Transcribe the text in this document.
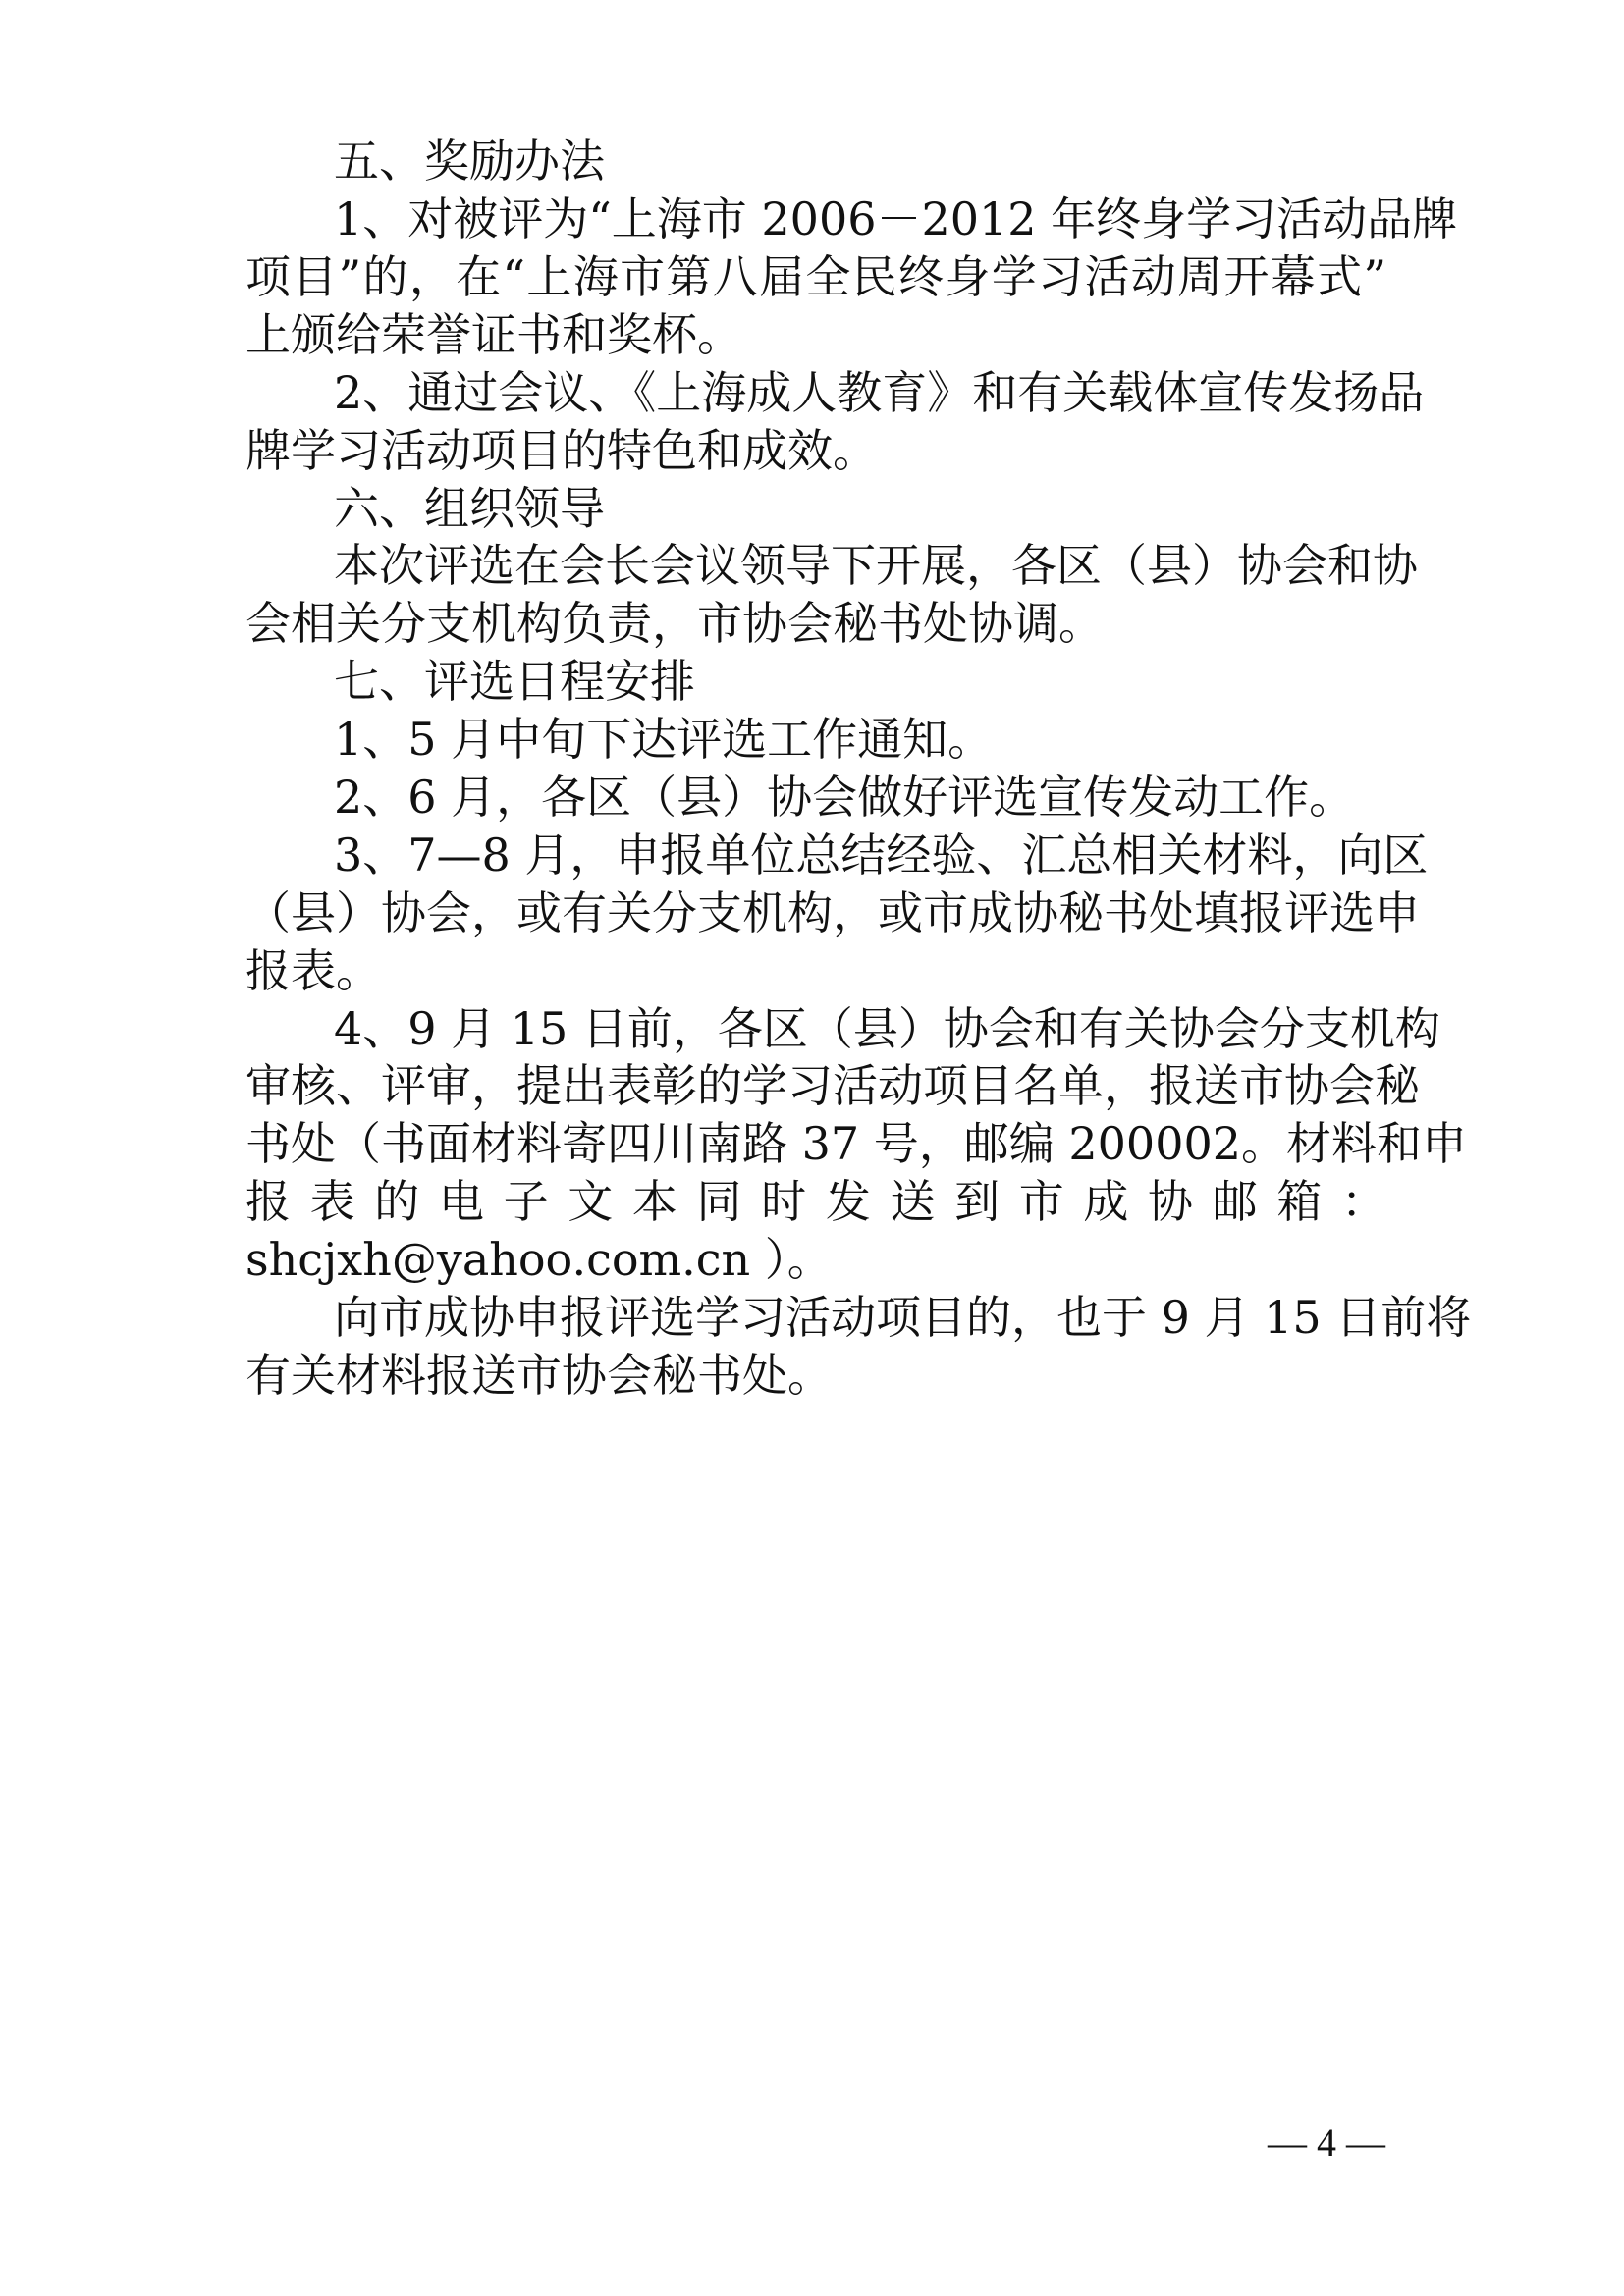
五、奖励办法
1、对被评为“上海市 2006－2012 年终身学习活动品牌
项目”的，在“上海市第八届全民终身学习活动周开幕式”
上颁给荣誉证书和奖杯。
2、通过会议、《上海成人教育》和有关载体宣传发扬品
牌学习活动项目的特色和成效。
六、组织领导
本次评选在会长会议领导下开展，各区（县）协会和协
会相关分支机构负责，市协会秘书处协调。
七、评选日程安排
1、5 月中旬下达评选工作通知。
2、6 月，各区（县）协会做好评选宣传发动工作。
3、7—8 月，申报单位总结经验、汇总相关材料，向区
（县）协会，或有关分支机构，或市成协秘书处填报评选申
报表。
4、9 月 15 日前，各区（县）协会和有关协会分支机构
审核、评审，提出表彰的学习活动项目名单，报送市协会秘
书处（书面材料寄四川南路 37 号，邮编 200002。材料和申
报表的电子文本同时发送到市成协邮箱：
shcjxh@yahoo.com.cn ）。
向市成协申报评选学习活动项目的，也于 9 月 15 日前将
有关材料报送市协会秘书处。
— 4 —
